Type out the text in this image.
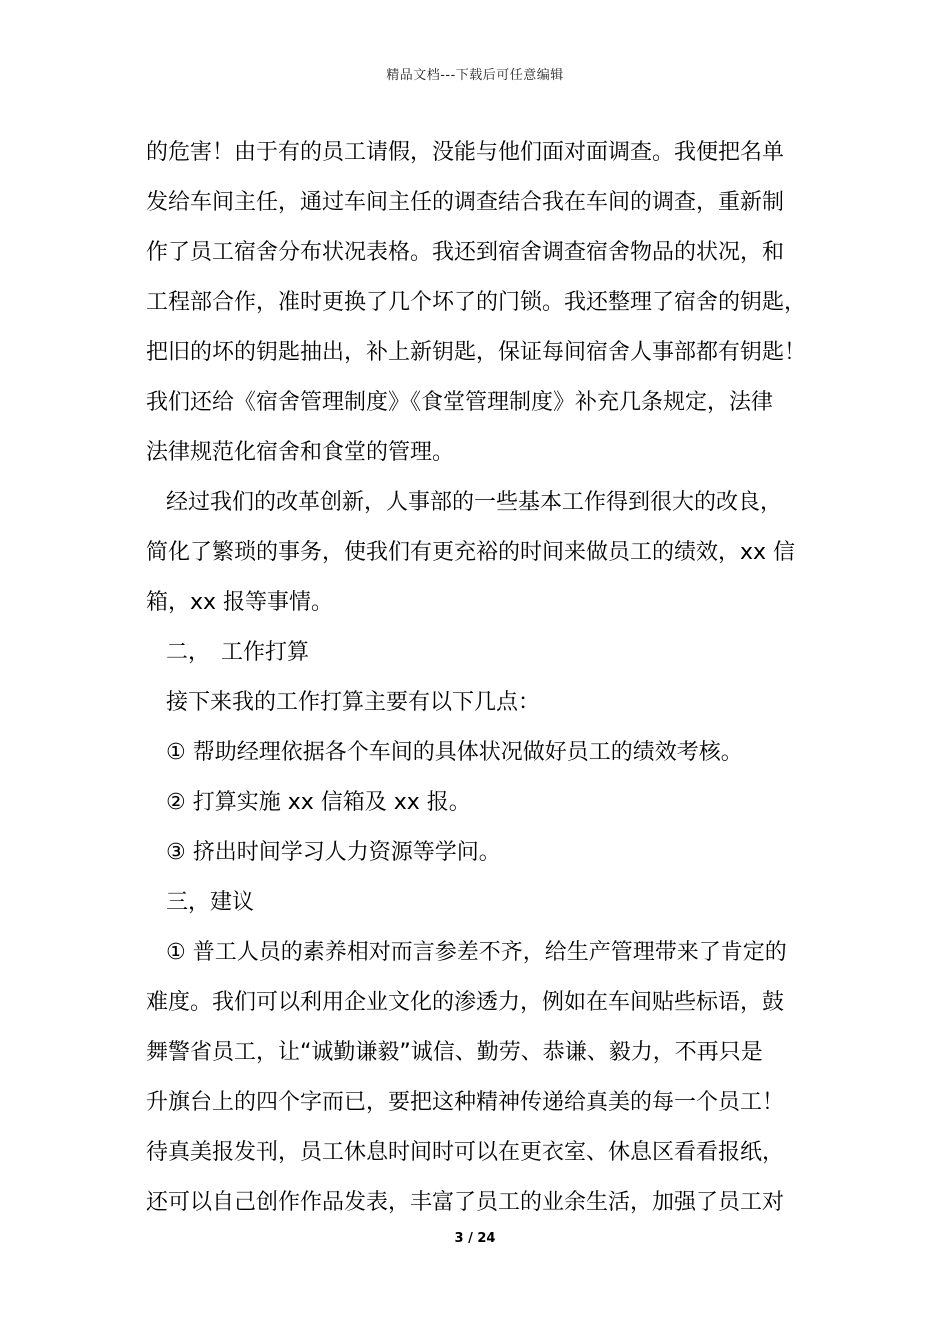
精品文档---下载后可任意编辑
的危害！由于有的员工请假，没能与他们面对面调查。我便把名单
发给车间主任，通过车间主任的调查结合我在车间的调查，重新制
作了员工宿舍分布状况表格。我还到宿舍调查宿舍物品的状况，和
工程部合作，准时更换了几个坏了的门锁。我还整理了宿舍的钥匙，
把旧的坏的钥匙抽出，补上新钥匙，保证每间宿舍人事部都有钥匙！
我们还给《宿舍管理制度》《食堂管理制度》补充几条规定，法律
法律规范化宿舍和食堂的管理。
经过我们的改革创新，人事部的一些基本工作得到很大的改良，
简化了繁琐的事务，使我们有更充裕的时间来做员工的绩效，xx 信
箱，xx 报等事情。
二，　工作打算
接下来我的工作打算主要有以下几点：
① 帮助经理依据各个车间的具体状况做好员工的绩效考核。
② 打算实施 xx 信箱及 xx 报。
③ 挤出时间学习人力资源等学问。
三，建议
① 普工人员的素养相对而言参差不齐，给生产管理带来了肯定的
难度。我们可以利用企业文化的渗透力，例如在车间贴些标语，鼓
舞警省员工，让“诚勤谦毅”诚信、勤劳、恭谦、毅力，不再只是
升旗台上的四个字而已，要把这种精神传递给真美的每一个员工！
待真美报发刊，员工休息时间时可以在更衣室、休息区看看报纸，
还可以自己创作作品发表，丰富了员工的业余生活，加强了员工对
3 / 24
